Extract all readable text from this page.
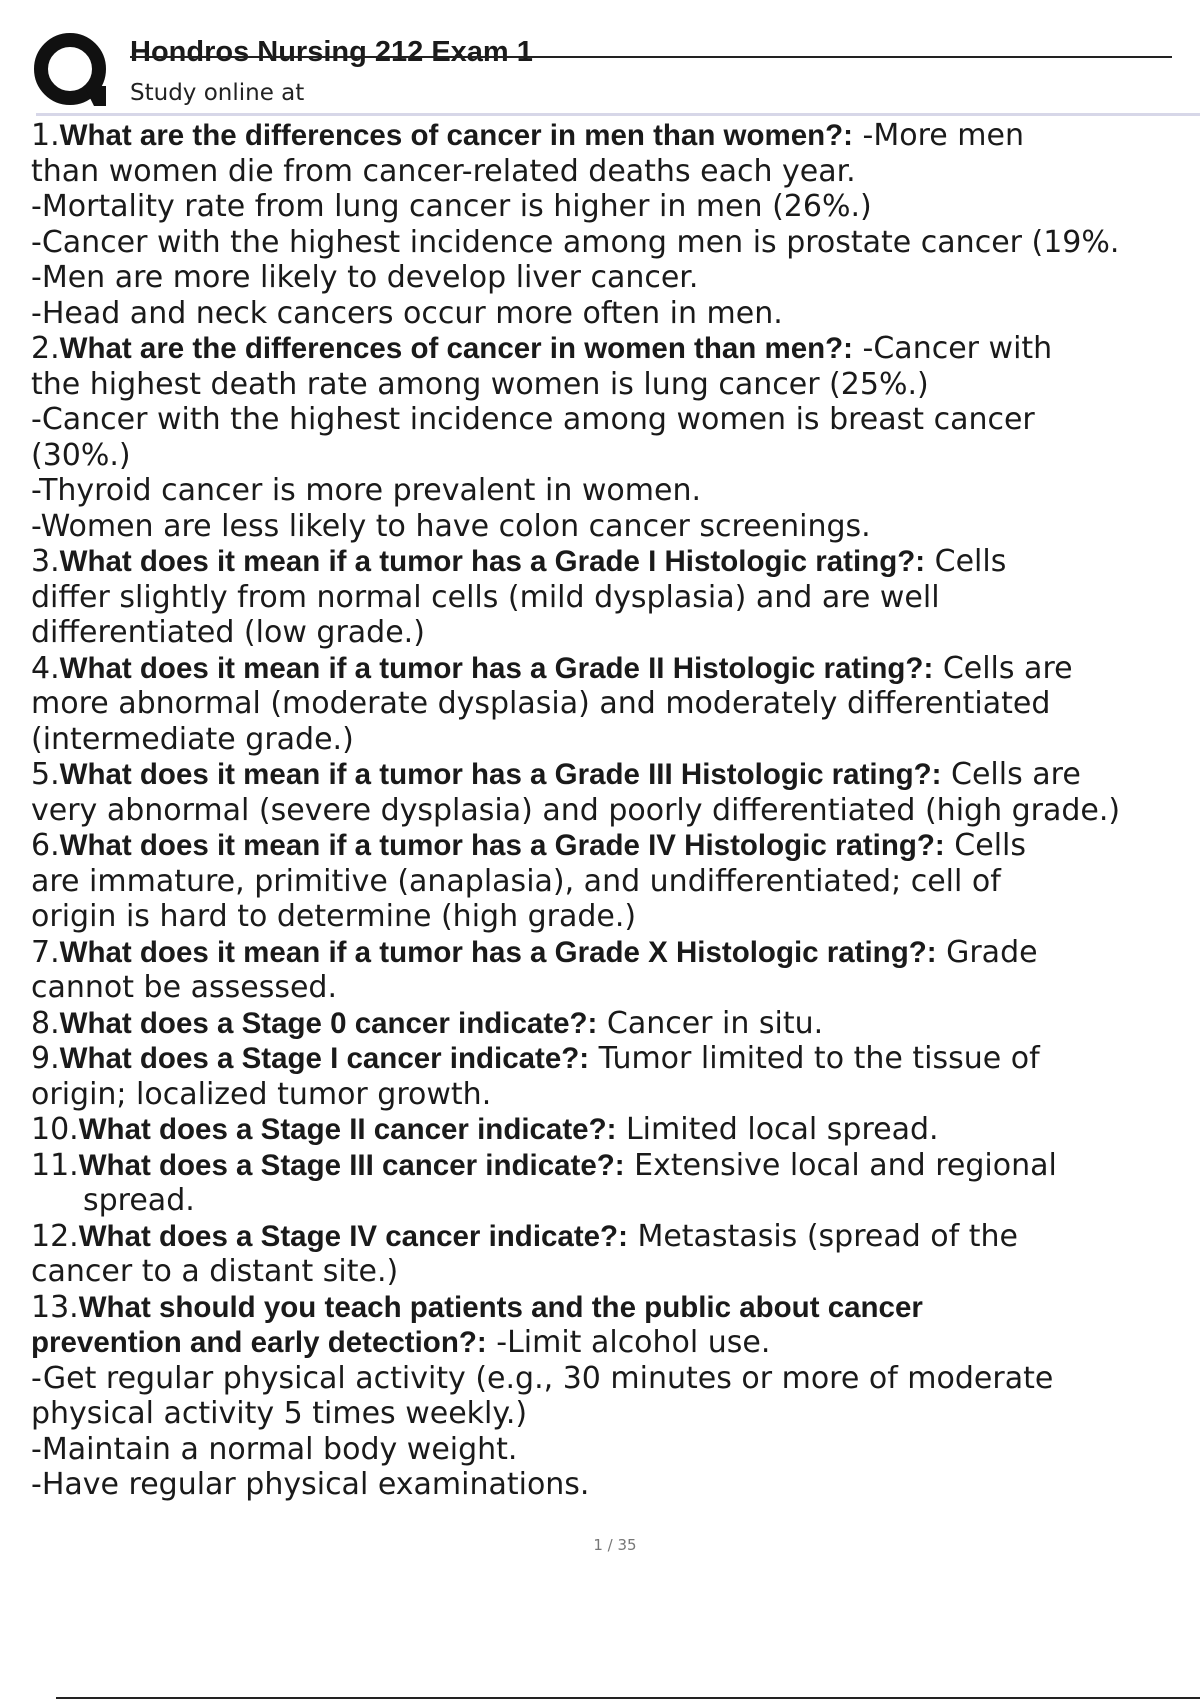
Hondros Nursing 212 Exam 1
Study online at

1.What are the differences of cancer in men than women?: -More men

than women die from cancer-related deaths each year.

-Mortality rate from lung cancer is higher in men (26%.)

-Cancer with the highest incidence among men is prostate cancer (19%.

-Men are more likely to develop liver cancer.

-Head and neck cancers occur more often in men.

2.What are the differences of cancer in women than men?: -Cancer with

the highest death rate among women is lung cancer (25%.)

-Cancer with the highest incidence among women is breast cancer

(30%.)

-Thyroid cancer is more prevalent in women.

-Women are less likely to have colon cancer screenings.

3.What does it mean if a tumor has a Grade I Histologic rating?: Cells

differ slightly from normal cells (mild dysplasia) and are well

differentiated (low grade.)

4.What does it mean if a tumor has a Grade II Histologic rating?: Cells are

more abnormal (moderate dysplasia) and moderately differentiated

(intermediate grade.)

5.What does it mean if a tumor has a Grade III Histologic rating?: Cells are

very abnormal (severe dysplasia) and poorly differentiated (high grade.)

6.What does it mean if a tumor has a Grade IV Histologic rating?: Cells

are immature, primitive (anaplasia), and undifferentiated; cell of

origin is hard to determine (high grade.)

7.What does it mean if a tumor has a Grade X Histologic rating?: Grade

cannot be assessed.

8.What does a Stage 0 cancer indicate?: Cancer in situ.

9.What does a Stage I cancer indicate?: Tumor limited to the tissue of

origin; localized tumor growth.

10.What does a Stage II cancer indicate?: Limited local spread.

11.What does a Stage III cancer indicate?: Extensive local and regional

spread.

12.What does a Stage IV cancer indicate?: Metastasis (spread of the

cancer to a distant site.)

13.What should you teach patients and the public about cancer

prevention and early detection?: -Limit alcohol use.

-Get regular physical activity (e.g., 30 minutes or more of moderate

physical activity 5 times weekly.)

-Maintain a normal body weight.

-Have regular physical examinations.

1 / 35
